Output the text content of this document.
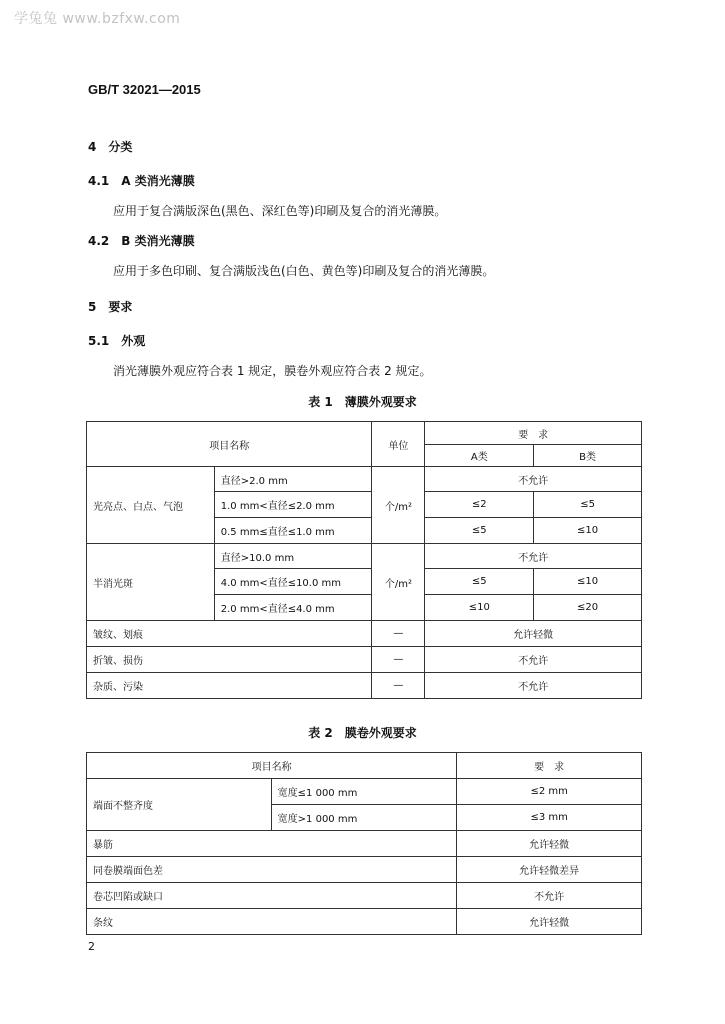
学兔兔 www.bzfxw.com
GB/T 32021—2015
4　分类
4.1　A 类消光薄膜
应用于复合满版深色(黑色、深红色等)印刷及复合的消光薄膜。
4.2　B 类消光薄膜
应用于多色印刷、复合满版浅色(白色、黄色等)印刷及复合的消光薄膜。
5　要求
5.1　外观
消光薄膜外观应符合表 1 规定，膜卷外观应符合表 2 规定。
表 1　薄膜外观要求
项目名称		单位	要　求	
			A类	B类
光亮点、白点、气泡	直径>2.0 mm	个/m²	不允许	
	1.0 mm<直径≤2.0 mm		≤2	≤5
	0.5 mm≤直径≤1.0 mm		≤5	≤10
半消光斑	直径>10.0 mm	个/m²	不允许	
	4.0 mm<直径≤10.0 mm		≤5	≤10
	2.0 mm<直径≤4.0 mm		≤10	≤20
皱纹、划痕		—	允许轻微	
折皱、损伤		—	不允许	
杂质、污染		—	不允许	
表 2　膜卷外观要求
项目名称		要　求
端面不整齐度	宽度≤1 000 mm	≤2 mm
	宽度>1 000 mm	≤3 mm
暴筋		允许轻微
同卷膜端面色差		允许轻微差异
卷芯凹陷或缺口		不允许
条纹		允许轻微
2
